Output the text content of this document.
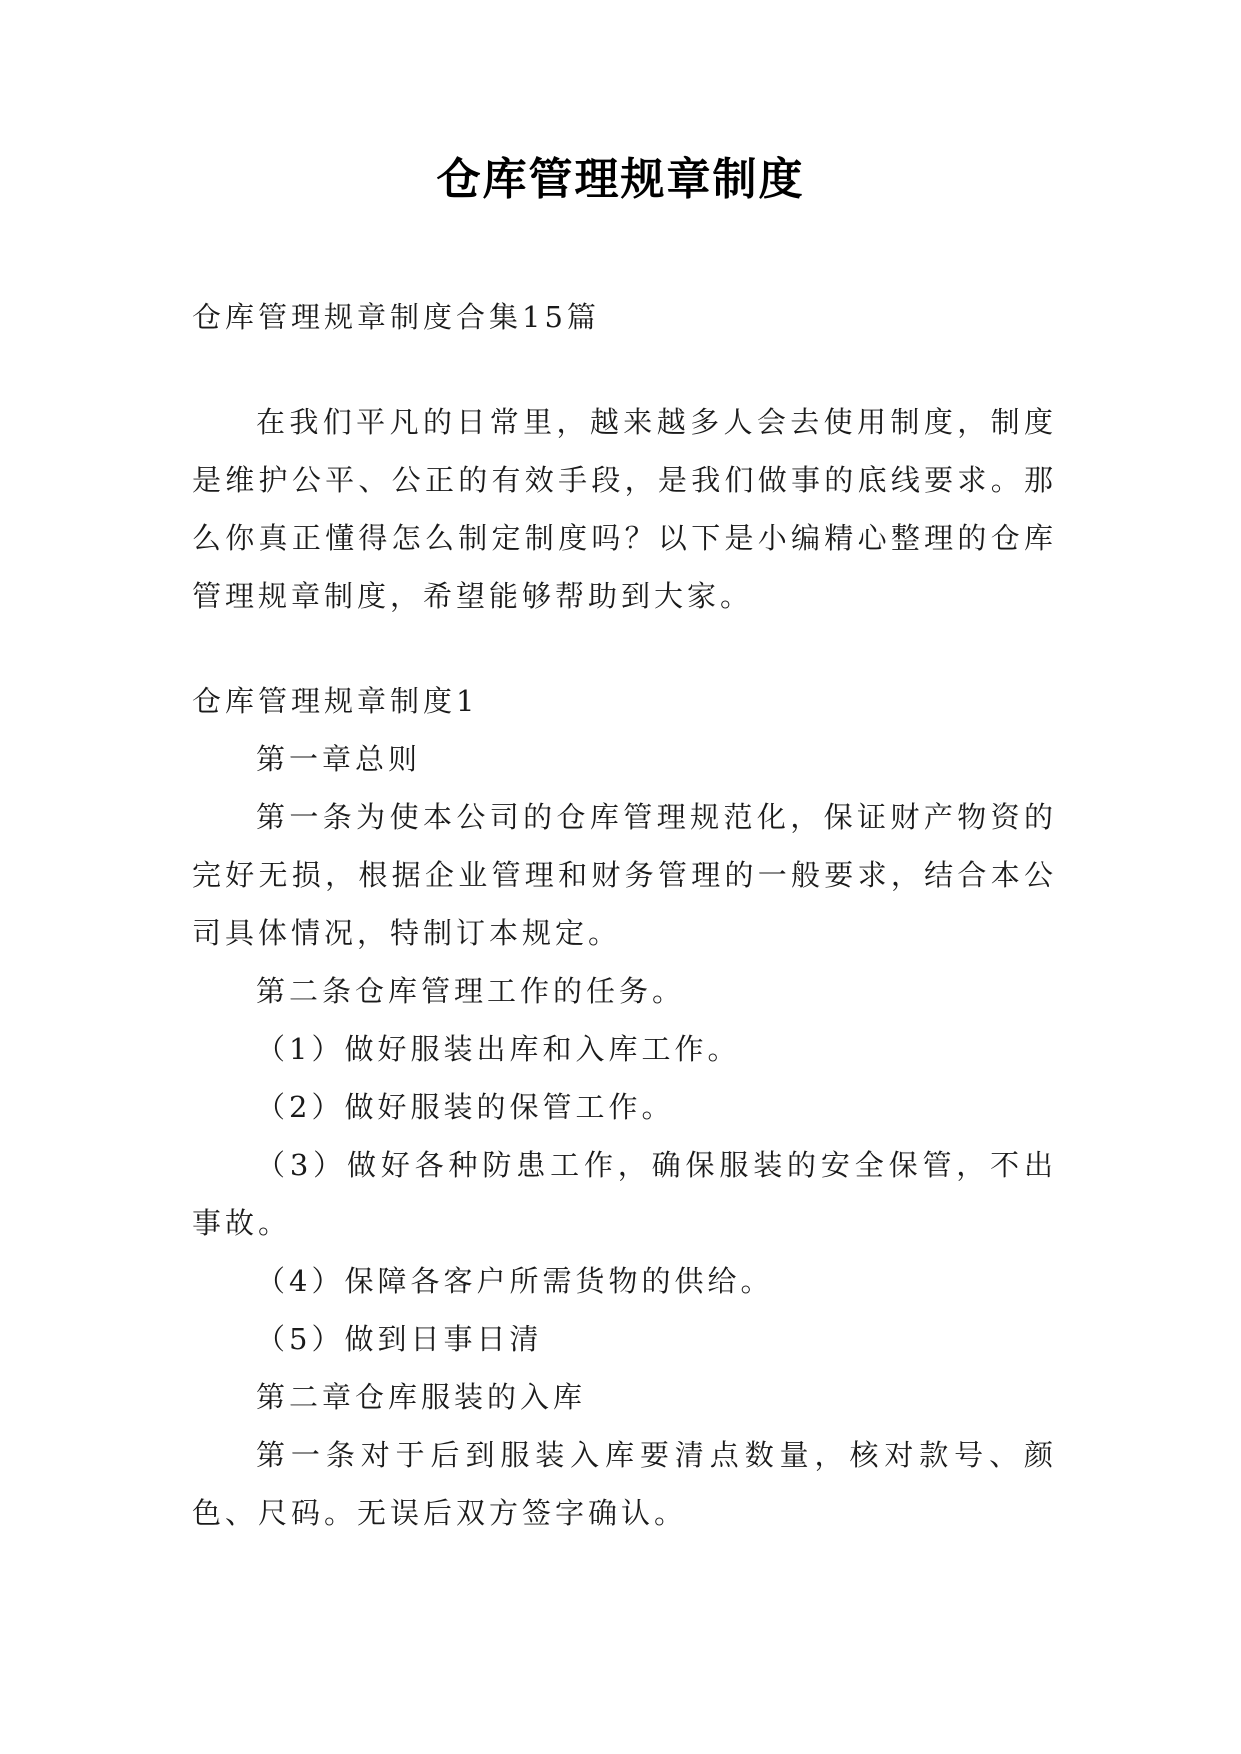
仓库管理规章制度

仓库管理规章制度合集15篇

在我们平凡的日常里，越来越多人会去使用制度，制度是维护公平、公正的有效手段，是我们做事的底线要求。那么你真正懂得怎么制定制度吗？以下是小编精心整理的仓库管理规章制度，希望能够帮助到大家。

仓库管理规章制度1

第一章总则

第一条为使本公司的仓库管理规范化，保证财产物资的完好无损，根据企业管理和财务管理的一般要求，结合本公司具体情况，特制订本规定。

第二条仓库管理工作的任务。

（1）做好服装出库和入库工作。

（2）做好服装的保管工作。

（3）做好各种防患工作，确保服装的安全保管，不出事故。

（4）保障各客户所需货物的供给。

（5）做到日事日清

第二章仓库服装的入库

第一条对于后到服装入库要清点数量，核对款号、颜色、尺码。无误后双方签字确认。
